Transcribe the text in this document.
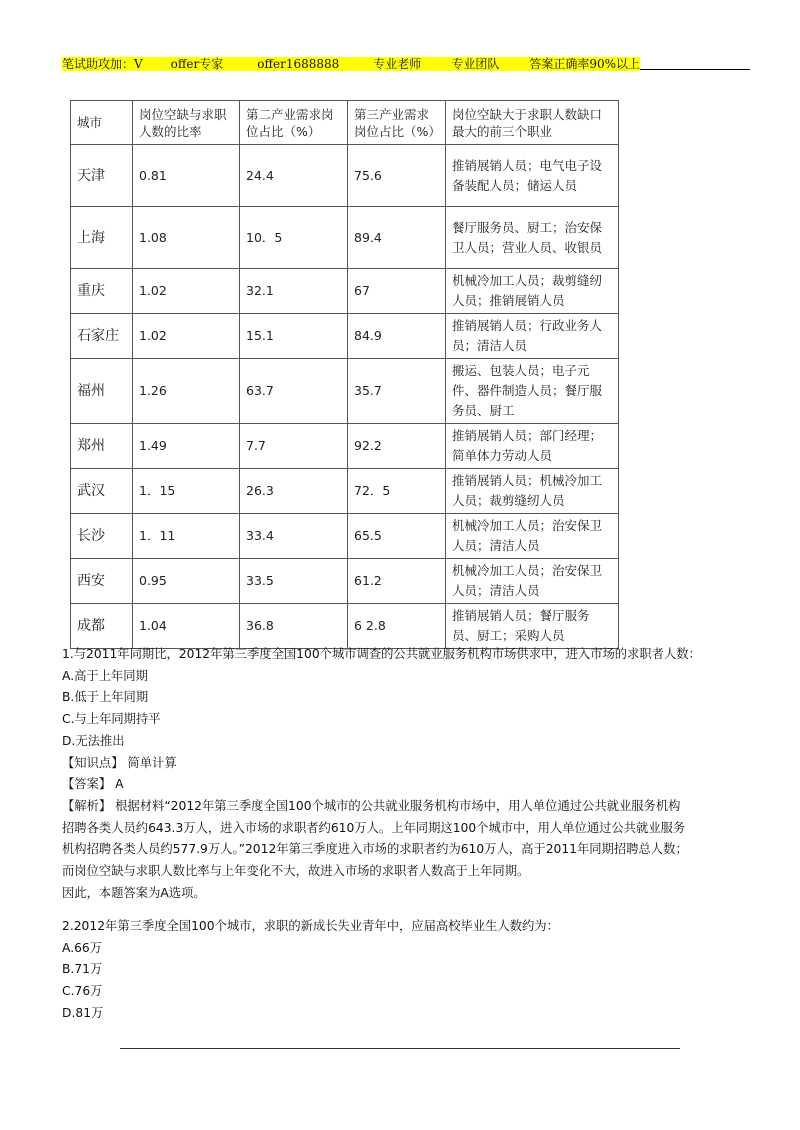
笔试助攻加：V offer专家	offer1688888	专业老师	专业团队	答案正确率90%以上
城市	岗位空缺与求职人数的比率	第二产业需求岗位占比（%）	第三产业需求岗位占比（%）	岗位空缺大于求职人数缺口最大的前三个职业
天津	0.81	24.4	75.6	推销展销人员；电气电子设备装配人员；储运人员
上海	1.08	10．5	89.4	餐厅服务员、厨工；治安保卫人员；营业人员、收银员
重庆	1.02	32.1	67	机械冷加工人员；裁剪缝纫人员；推销展销人员
石家庄	1.02	15.1	84.9	推销展销人员；行政业务人员；清洁人员
福州	1.26	63.7	35.7	搬运、包装人员；电子元件、器件制造人员；餐厅服务员、厨工
郑州	1.49	7.7	92.2	推销展销人员；部门经理；简单体力劳动人员
武汉	1．15	26.3	72．5	推销展销人员；机械冷加工人员；裁剪缝纫人员
长沙	1．11	33.4	65.5	机械冷加工人员；治安保卫人员；清洁人员
西安	0.95	33.5	61.2	机械冷加工人员；治安保卫人员；清洁人员
成都	1.04	36.8	6 2.8	推销展销人员；餐厅服务员、厨工；采购人员

1.与2011年同期比，2012年第三季度全国100个城市调查的公共就业服务机构市场供求中，进入市场的求职者人数：

A.高于上年同期

B.低于上年同期

C.与上年同期持平

D.无法推出

【知识点】 简单计算

【答案】 A

【解析】 根据材料“2012年第三季度全国100个城市的公共就业服务机构市场中，用人单位通过公共就业服务机构

招聘各类人员约643.3万人，进入市场的求职者约610万人。上年同期这100个城市中，用人单位通过公共就业服务

机构招聘各类人员约577.9万人。”2012年第三季度进入市场的求职者约为610万人，高于2011年同期招聘总人数；

而岗位空缺与求职人数比率与上年变化不大，故进入市场的求职者人数高于上年同期。

因此，本题答案为A选项。

2.2012年第三季度全国100个城市，求职的新成长失业青年中，应届高校毕业生人数约为：

A.66万

B.71万

C.76万

D.81万
